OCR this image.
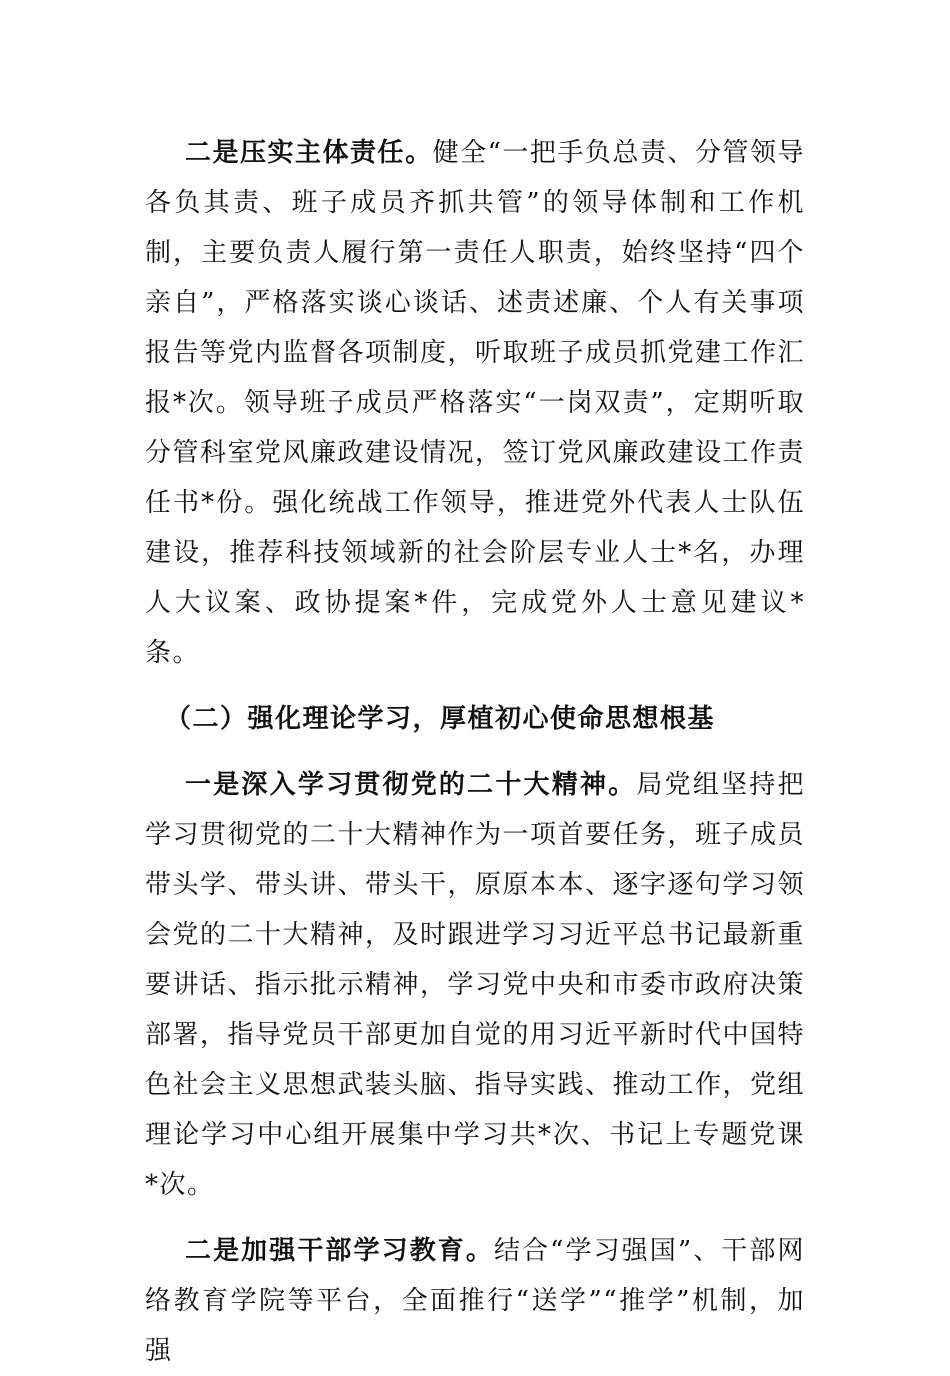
二是压实主体责任。健全“一把手负总责、分管领导各负其责、班子成员齐抓共管”的领导体制和工作机制，主要负责人履行第一责任人职责，始终坚持“四个亲自”，严格落实谈心谈话、述责述廉、个人有关事项报告等党内监督各项制度，听取班子成员抓党建工作汇报*次。领导班子成员严格落实“一岗双责”，定期听取分管科室党风廉政建设情况，签订党风廉政建设工作责任书*份。强化统战工作领导，推进党外代表人士队伍建设，推荐科技领域新的社会阶层专业人士*名，办理人大议案、政协提案*件，完成党外人士意见建议*条。

（二）强化理论学习，厚植初心使命思想根基

一是深入学习贯彻党的二十大精神。局党组坚持把学习贯彻党的二十大精神作为一项首要任务，班子成员带头学、带头讲、带头干，原原本本、逐字逐句学习领会党的二十大精神，及时跟进学习习近平总书记最新重要讲话、指示批示精神，学习党中央和市委市政府决策部署，指导党员干部更加自觉的用习近平新时代中国特色社会主义思想武装头脑、指导实践、推动工作，党组理论学习中心组开展集中学习共*次、书记上专题党课*次。

二是加强干部学习教育。结合“学习强国”、干部网络教育学院等平台，全面推行“送学”“推学”机制，加强
